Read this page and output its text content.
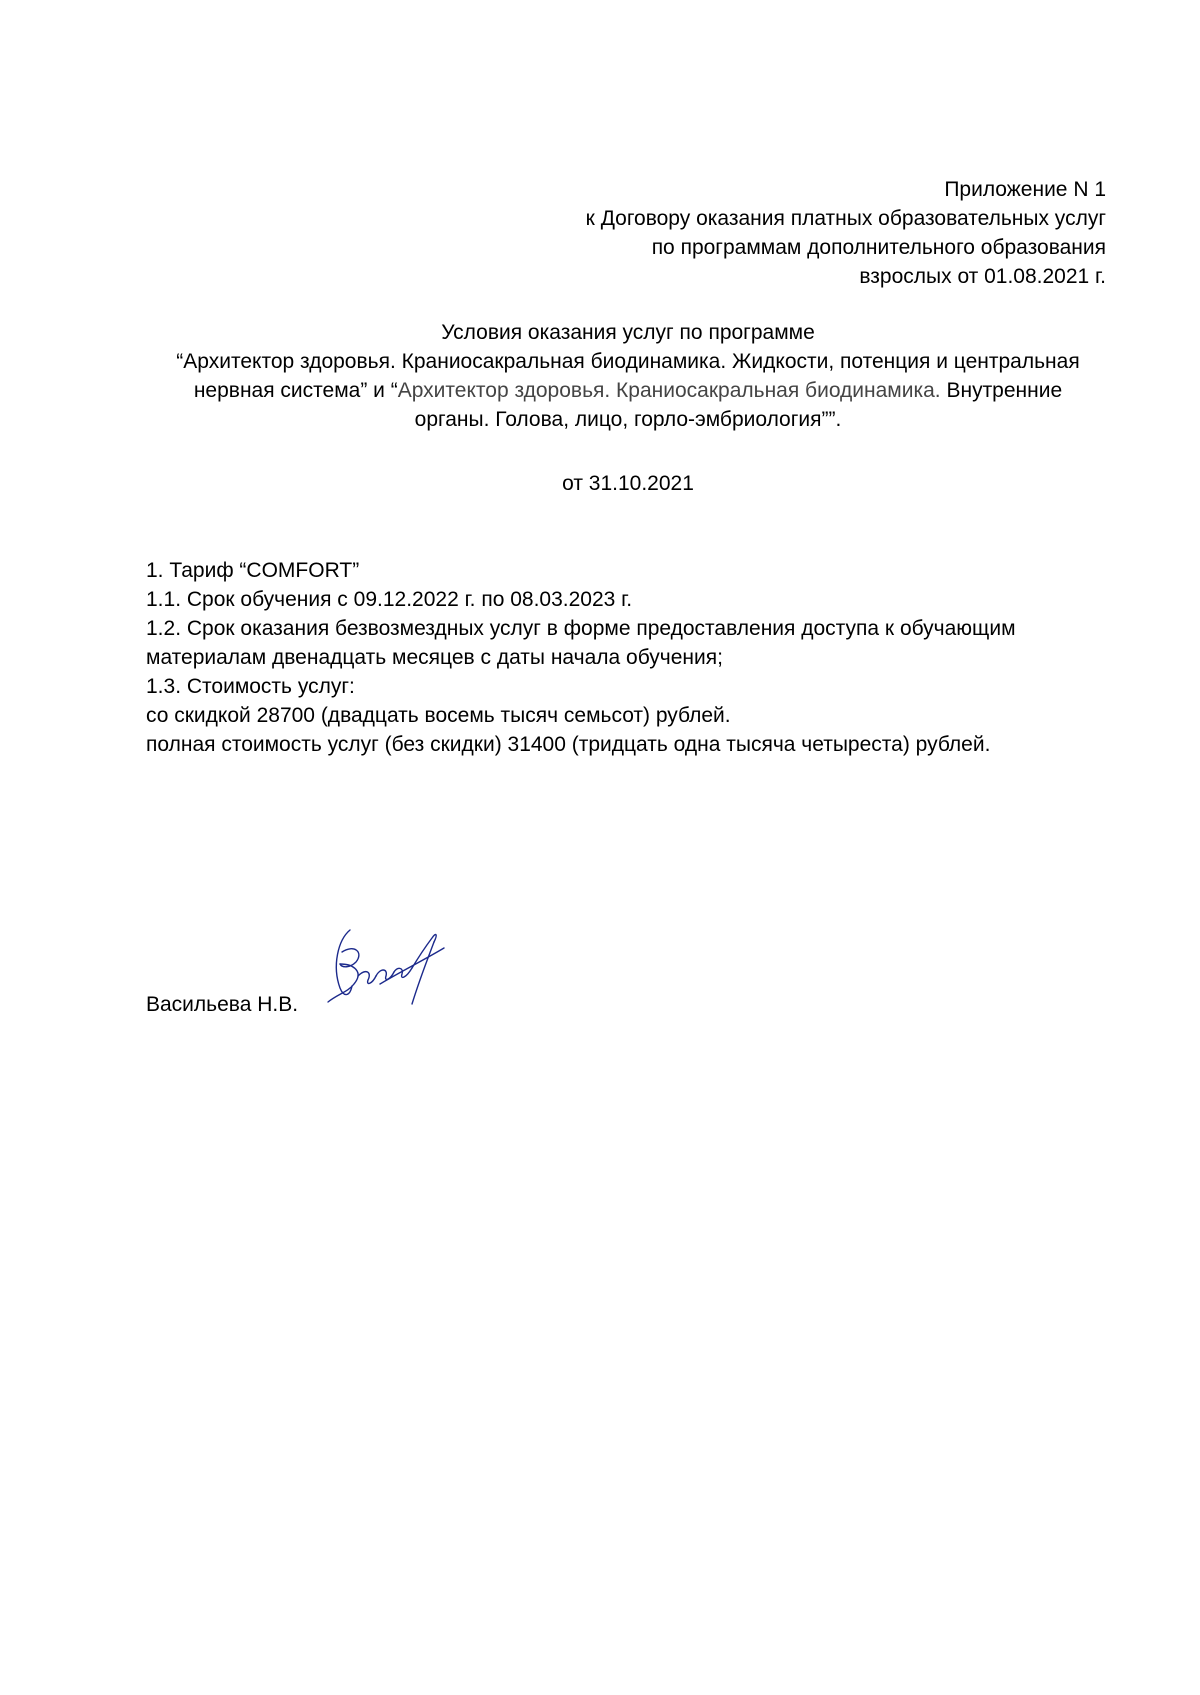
Приложение N 1
к Договору оказания платных образовательных услуг
по программам дополнительного образования
взрослых от 01.08.2021 г.
Условия оказания услуг по программе
“Архитектор здоровья. Краниосакральная биодинамика. Жидкости, потенция и центральная
нервная система” и “Архитектор здоровья. Краниосакральная биодинамика. Внутренние
органы. Голова, лицо, горло-эмбриология””.
от 31.10.2021
1. Тариф “COMFORT”
1.1. Срок обучения с 09.12.2022 г. по 08.03.2023 г.
1.2. Срок оказания безвозмездных услуг в форме предоставления доступа к обучающим
материалам двенадцать месяцев с даты начала обучения;
1.3. Стоимость услуг:
со скидкой 28700 (двадцать восемь тысяч семьсот) рублей.
полная стоимость услуг (без скидки) 31400 (тридцать одна тысяча четыреста) рублей.
Васильева Н.В.
